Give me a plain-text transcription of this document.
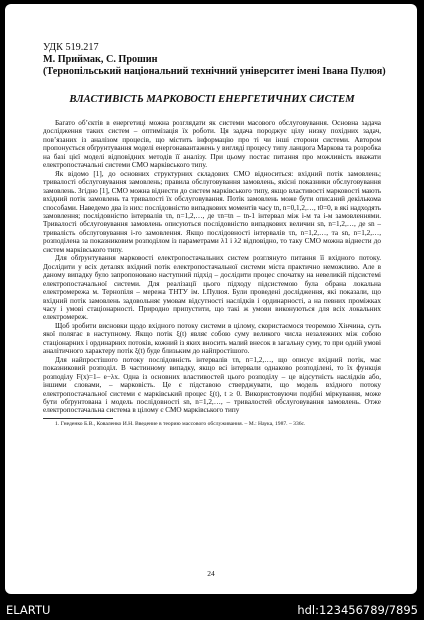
УДК 519.217

М. Приймак, С. Прошин

(Тернопільський національний технічний університет імені Івана Пулюя)

ВЛАСТИВІСТЬ МАРКОВОСТІ ЕНЕРГЕТИЧНИХ СИСТЕМ

Багато об’єктів в енергетиці можна розглядати як системи масового обслуговування. Основна задача дослідження таких систем – оптимізація їх роботи. Ця задача породжує цілу низку похідних задач, пов’язаних із аналізом процесів, що містить інформацію про ті чи інші сторони системи. Автором пропонується обґрунтування моделі енергонавантажень у вигляді процесу типу ланцюга Маркова та розробка на базі цієї моделі відповідних методів її аналізу. При цьому постає питання про можливість вважати електропостачальні системи СМО марківського типу.

Як відомо [1], до основних структурних складових СМО відноситься: вхідний потік замовлень; тривалості обслуговування замовлень; правила обслуговування замовлень, якісні показники обслуговування замовлень. Згідно [1], СМО можна віднести до систем марківського типу, якщо властивості марковості мають вхідний потік замовлень та тривалості їх обслуговування. Потік замовлень може бути описаний декількома способами. Наведемо два із них: послідовністю випадкових моментів часу tn, n=0,1,2,…, t0=0, в які надходять замовлення; послідовністю інтервалів τn, n=1,2,…, де τn=tn – tn-1 інтервал між і-м та і-м замовленнями. Тривалості обслуговування замовлень описуються послідовністю випадкових величин sn, n=1,2,…, де sn – тривалість обслуговування і-го замовлення. Якщо послідовності інтервалів τn, n=1,2,…, та sn, n=1,2,…, розподілена за показниковим розподілом із параметрами λ1 і λ2 відповідно, то таку СМО можна віднести до систем марківського типу.

Для обґрунтування марковості електропостачальних систем розглянуто питання її вхідного потоку. Дослідити у всіх деталях вхідний потік електропостачальної системи міста практично неможливо. Але в даному випадку було запропоновано наступний підхід – дослідити процес спочатку на невеликій підсистемі електропостачальної системи. Для реалізації цього підходу підсистемою була обрана локальна електромережа м. Тернопіля – мережа ТНТУ ім. І.Пулюя. Були проведені дослідження, які показали, що вхідний потік замовлень задовольняє умовам відсутності наслідків і ординарності, а на певних проміжках часу і умові стаціонарності. Природно припустити, що такі ж умови виконуються для всіх локальних електромереж.

Щоб зробити висновки щодо вхідного потоку системи в цілому, скористаємося теоремою Хінчина, суть якої полягає в наступному. Якщо потік ξ(t) являє собою суму великого числа незалежних між собою стаціонарних і ординарних потоків, кожний із яких вносить малий внесок в загальну суму, то при одній умові аналітичного характеру потік ξ(t) буде близьким до найпростішого.

Для найпростішого потоку послідовність інтервалів τn, n=1,2,…, що описує вхідний потік, має показниковий розподіл. В частинному випадку, якщо всі інтервали однаково розподілені, то їх функція розподілу F(x)=1– e−λx. Одна із основних властивостей цього розподілу – це відсутність наслідків або, іншими словами, – марковість. Це є підставою стверджувати, що модель вхідного потоку електропостачальної системи є марківський процес ξ(t), t ≥ 0. Використовуючи подібні міркування, може бути обґрунтована і модель послідовності sn, n=1,2,…, – тривалостей обслуговування замовлень. Отже електропостачальна система в цілому є СМО марківського типу

1. Гнеденко Б.В., Коваленко И.Н. Введение в теорию массового обслуживания. – М.: Наука, 1987. – 336с.

24
ELARTU	hdl:123456789/7895
